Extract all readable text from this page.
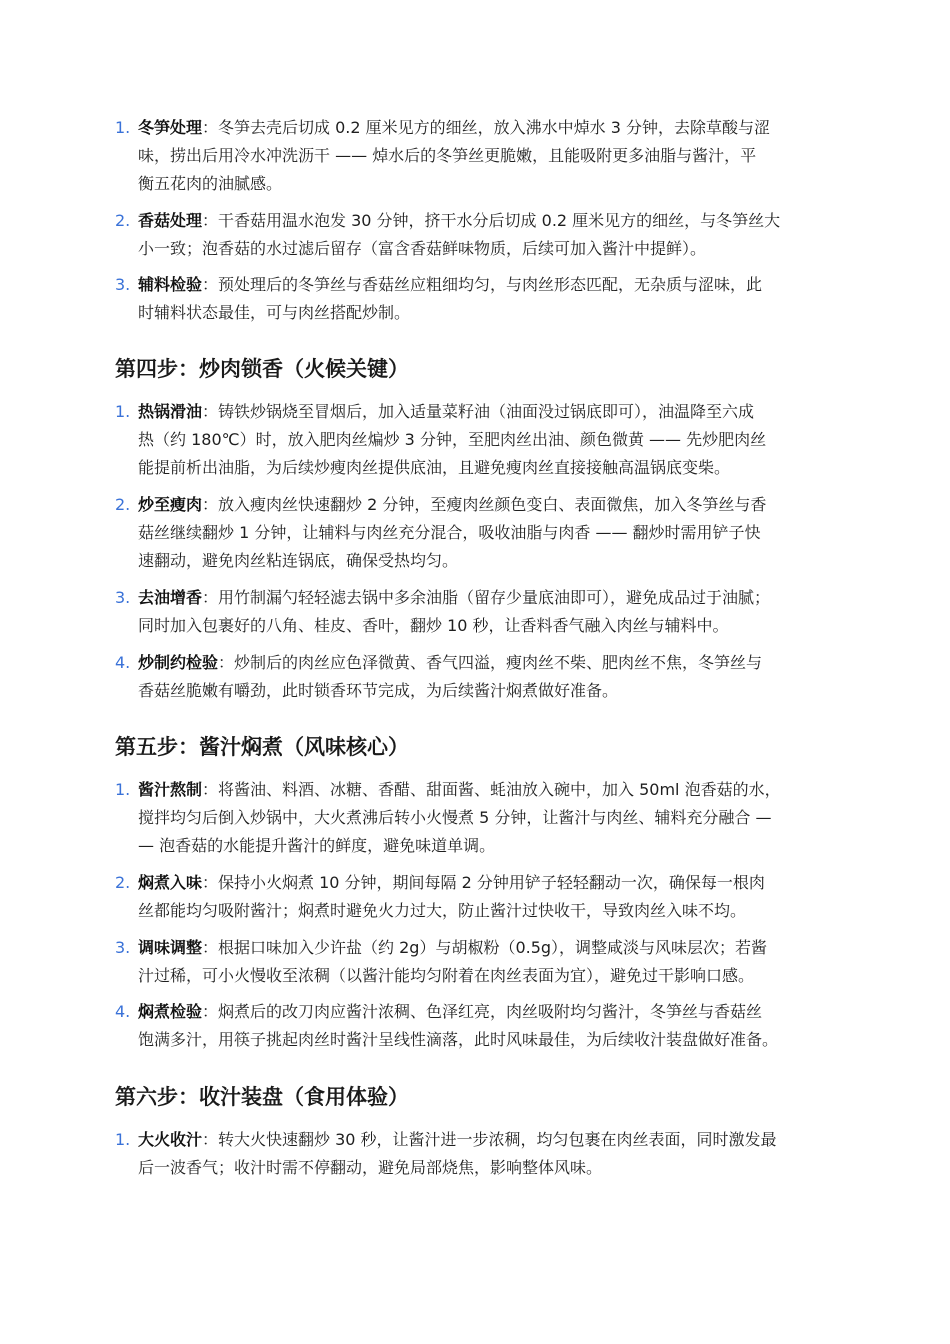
1. 冬笋处理：冬笋去壳后切成 0.2 厘米见方的细丝，放入沸水中焯水 3 分钟，去除草酸与涩
味，捞出后用冷水冲洗沥干 —— 焯水后的冬笋丝更脆嫩，且能吸附更多油脂与酱汁，平
衡五花肉的油腻感。
2. 香菇处理：干香菇用温水泡发 30 分钟，挤干水分后切成 0.2 厘米见方的细丝，与冬笋丝大
小一致；泡香菇的水过滤后留存（富含香菇鲜味物质，后续可加入酱汁中提鲜）。
3. 辅料检验：预处理后的冬笋丝与香菇丝应粗细均匀，与肉丝形态匹配，无杂质与涩味，此
时辅料状态最佳，可与肉丝搭配炒制。
第四步：炒肉锁香（火候关键）
1. 热锅滑油：铸铁炒锅烧至冒烟后，加入适量菜籽油（油面没过锅底即可），油温降至六成
热（约 180℃）时，放入肥肉丝煸炒 3 分钟，至肥肉丝出油、颜色微黄 —— 先炒肥肉丝
能提前析出油脂，为后续炒瘦肉丝提供底油，且避免瘦肉丝直接接触高温锅底变柴。
2. 炒至瘦肉：放入瘦肉丝快速翻炒 2 分钟，至瘦肉丝颜色变白、表面微焦，加入冬笋丝与香
菇丝继续翻炒 1 分钟，让辅料与肉丝充分混合，吸收油脂与肉香 —— 翻炒时需用铲子快
速翻动，避免肉丝粘连锅底，确保受热均匀。
3. 去油增香：用竹制漏勺轻轻滤去锅中多余油脂（留存少量底油即可），避免成品过于油腻；
同时加入包裹好的八角、桂皮、香叶，翻炒 10 秒，让香料香气融入肉丝与辅料中。
4. 炒制约检验：炒制后的肉丝应色泽微黄、香气四溢，瘦肉丝不柴、肥肉丝不焦，冬笋丝与
香菇丝脆嫩有嚼劲，此时锁香环节完成，为后续酱汁焖煮做好准备。
第五步：酱汁焖煮（风味核心）
1. 酱汁熬制：将酱油、料酒、冰糖、香醋、甜面酱、蚝油放入碗中，加入 50ml 泡香菇的水，
搅拌均匀后倒入炒锅中，大火煮沸后转小火慢煮 5 分钟，让酱汁与肉丝、辅料充分融合 —
— 泡香菇的水能提升酱汁的鲜度，避免味道单调。
2. 焖煮入味：保持小火焖煮 10 分钟，期间每隔 2 分钟用铲子轻轻翻动一次，确保每一根肉
丝都能均匀吸附酱汁；焖煮时避免火力过大，防止酱汁过快收干，导致肉丝入味不均。
3. 调味调整：根据口味加入少许盐（约 2g）与胡椒粉（0.5g），调整咸淡与风味层次；若酱
汁过稀，可小火慢收至浓稠（以酱汁能均匀附着在肉丝表面为宜），避免过干影响口感。
4. 焖煮检验：焖煮后的改刀肉应酱汁浓稠、色泽红亮，肉丝吸附均匀酱汁，冬笋丝与香菇丝
饱满多汁，用筷子挑起肉丝时酱汁呈线性滴落，此时风味最佳，为后续收汁装盘做好准备。
第六步：收汁装盘（食用体验）
1. 大火收汁：转大火快速翻炒 30 秒，让酱汁进一步浓稠，均匀包裹在肉丝表面，同时激发最
后一波香气；收汁时需不停翻动，避免局部烧焦，影响整体风味。
